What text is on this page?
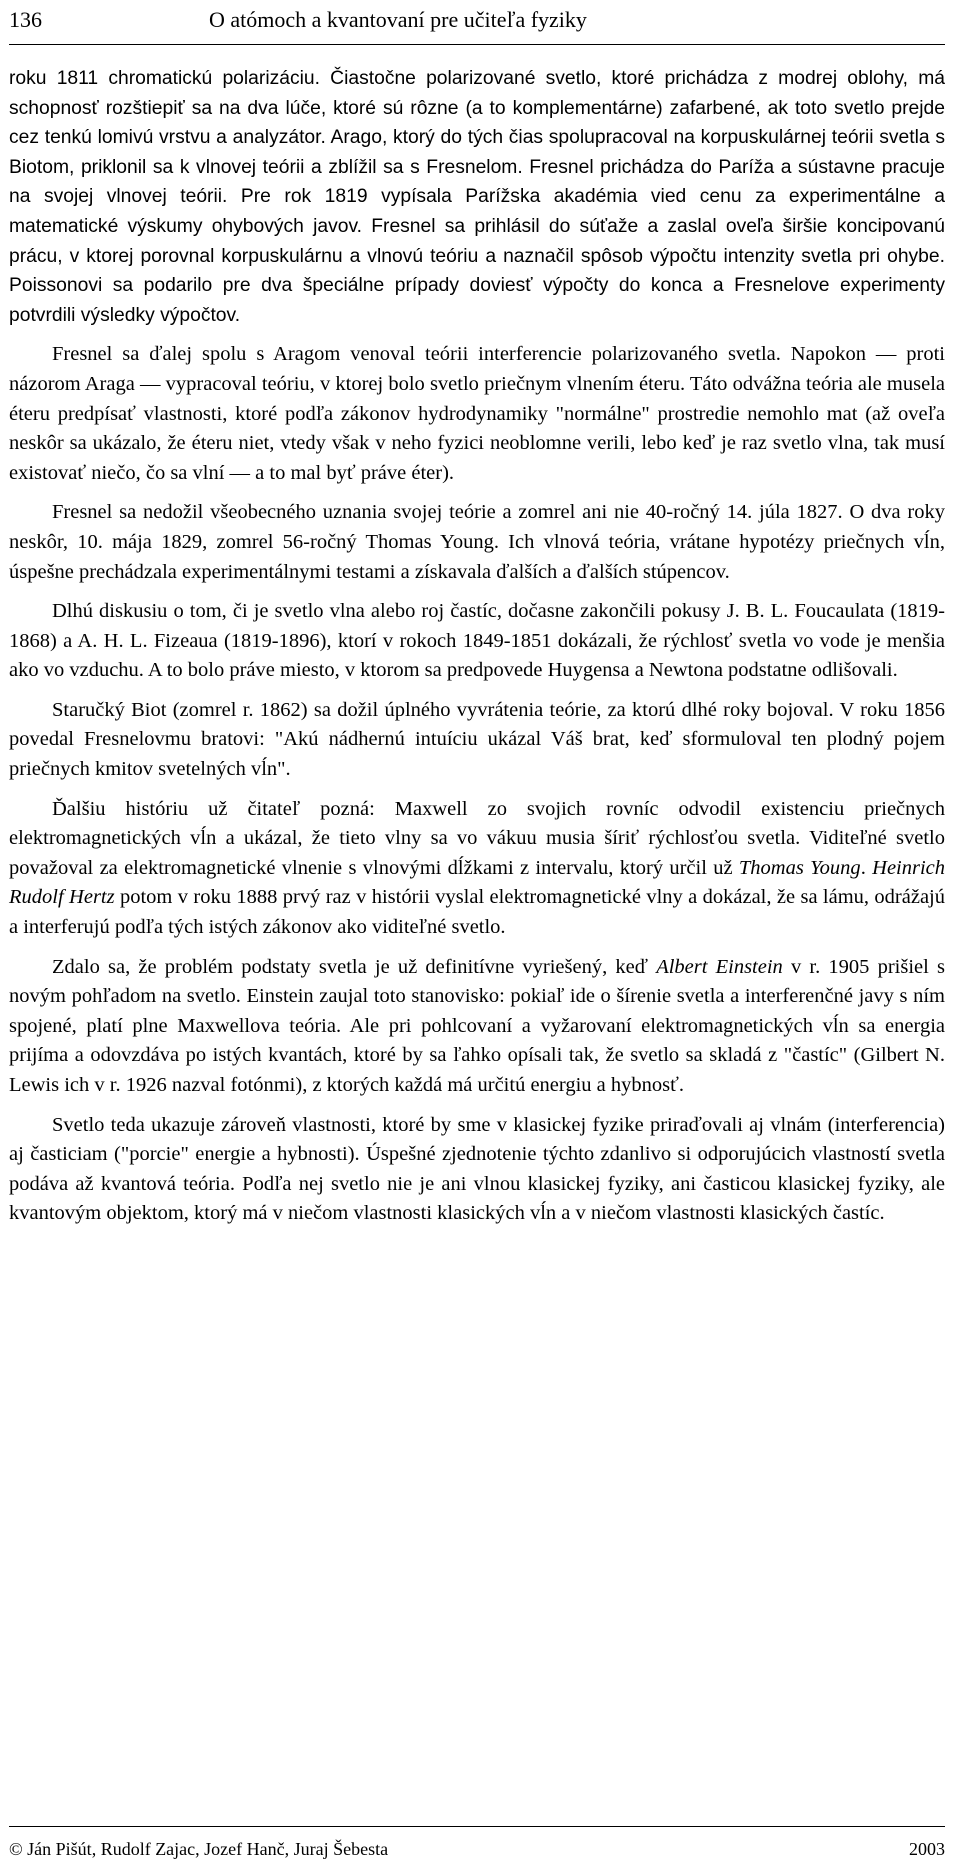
136	O atómoch a kvantovaní pre učiteľa fyziky

roku 1811 chromatickú polarizáciu. Čiastočne polarizované svetlo, ktoré prichádza z modrej oblohy, má schopnosť rozštiepiť sa na dva lúče, ktoré sú rôzne (a to komplementárne) zafarbené, ak toto svetlo prejde cez tenkú lomivú vrstvu a analyzátor. Arago, ktorý do tých čias spolupracoval na korpuskulárnej teórii svetla s Biotom, priklonil sa k vlnovej teórii a zblížil sa s Fresnelom. Fresnel prichádza do Paríža a sústavne pracuje na svojej vlnovej teórii. Pre rok 1819 vypísala Parížska akadémia vied cenu za experimentálne a matematické výskumy ohybových javov. Fresnel sa prihlásil do súťaže a zaslal oveľa širšie koncipovanú prácu, v ktorej porovnal korpuskulárnu a vlnovú teóriu a naznačil spôsob výpočtu intenzity svetla pri ohybe. Poissonovi sa podarilo pre dva špeciálne prípady doviesť výpočty do konca a Fresnelove experimenty potvrdili výsledky výpočtov.

Fresnel sa ďalej spolu s Aragom venoval teórii interferencie polarizovaného svetla. Napokon — proti názorom Araga — vypracoval teóriu, v ktorej bolo svetlo priečnym vlnením éteru. Táto odvážna teória ale musela éteru predpísať vlastnosti, ktoré podľa zákonov hydrodynamiky "normálne" prostredie nemohlo mat (až oveľa neskôr sa ukázalo, že éteru niet, vtedy však v neho fyzici neoblomne verili, lebo keď je raz svetlo vlna, tak musí existovať niečo, čo sa vlní — a to mal byť práve éter).

Fresnel sa nedožil všeobecného uznania svojej teórie a zomrel ani nie 40-ročný 14. júla 1827. O dva roky neskôr, 10. mája 1829, zomrel 56-ročný Thomas Young. Ich vlnová teória, vrátane hypotézy priečnych vĺn, úspešne prechádzala experimentálnymi testami a získavala ďalších a ďalších stúpencov.

Dlhú diskusiu o tom, či je svetlo vlna alebo roj častíc, dočasne zakončili pokusy J. B. L. Foucaulata (1819-1868) a A. H. L. Fizeaua (1819-1896), ktorí v rokoch 1849-1851 dokázali, že rýchlosť svetla vo vode je menšia ako vo vzduchu. A to bolo práve miesto, v ktorom sa predpovede Huygensa a Newtona podstatne odlišovali.

Staručký Biot (zomrel r. 1862) sa dožil úplného vyvrátenia teórie, za ktorú dlhé roky bojoval. V roku 1856 povedal Fresnelovmu bratovi: "Akú nádhernú intuíciu ukázal Váš brat, keď sformuloval ten plodný pojem priečnych kmitov svetelných vĺn".

Ďalšiu históriu už čitateľ pozná: Maxwell zo svojich rovníc odvodil existenciu priečnych elektromagnetických vĺn a ukázal, že tieto vlny sa vo vákuu musia šíriť rýchlosťou svetla. Viditeľné svetlo považoval za elektromagnetické vlnenie s vlnovými dĺžkami z intervalu, ktorý určil už Thomas Young. Heinrich Rudolf Hertz potom v roku 1888 prvý raz v histórii vyslal elektromagnetické vlny a dokázal, že sa lámu, odrážajú a interferujú podľa tých istých zákonov ako viditeľné svetlo.

Zdalo sa, že problém podstaty svetla je už definitívne vyriešený, keď Albert Einstein v r. 1905 prišiel s novým pohľadom na svetlo. Einstein zaujal toto stanovisko: pokiaľ ide o šírenie svetla a interferenčné javy s ním spojené, platí plne Maxwellova teória. Ale pri pohlcovaní a vyžarovaní elektromagnetických vĺn sa energia prijíma a odovzdáva po istých kvantách, ktoré by sa ľahko opísali tak, že svetlo sa skladá z "častíc" (Gilbert N. Lewis ich v r. 1926 nazval fotónmi), z ktorých každá má určitú energiu a hybnosť.

Svetlo teda ukazuje zároveň vlastnosti, ktoré by sme v klasickej fyzike priraďovali aj vlnám (interferencia) aj časticiam ("porcie" energie a hybnosti). Úspešné zjednotenie týchto zdanlivo si odporujúcich vlastností svetla podáva až kvantová teória. Podľa nej svetlo nie je ani vlnou klasickej fyziky, ani časticou klasickej fyziky, ale kvantovým objektom, ktorý má v niečom vlastnosti klasických vĺn a v niečom vlastnosti klasických častíc.

© Ján Pišút, Rudolf Zajac, Jozef Hanč, Juraj Šebesta	2003
